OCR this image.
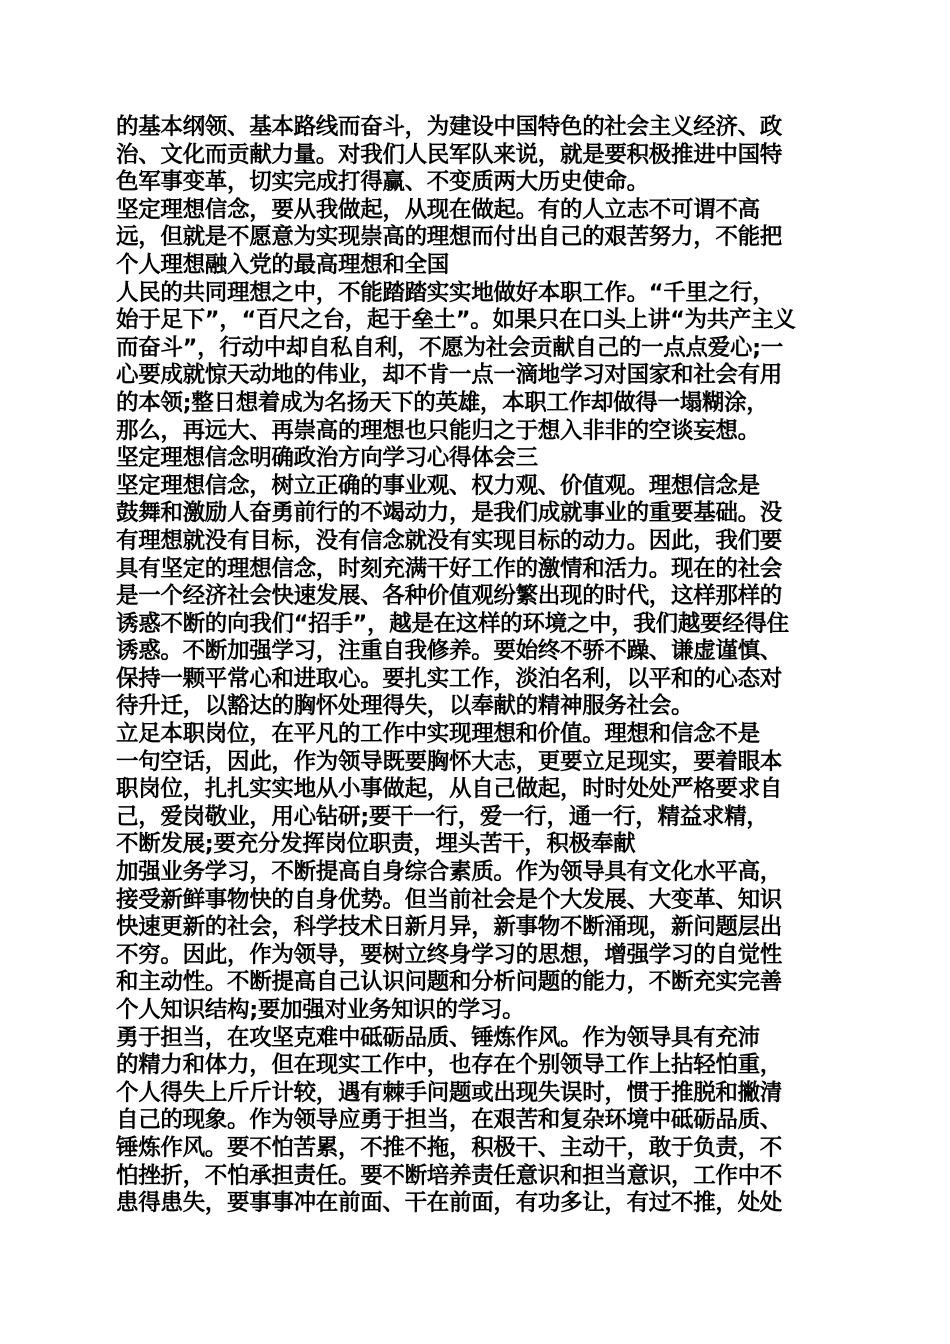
的基本纲领、基本路线而奋斗，为建设中国特色的社会主义经济、政
治、文化而贡献力量。对我们人民军队来说，就是要积极推进中国特
色军事变革，切实完成打得赢、不变质两大历史使命。
坚定理想信念，要从我做起，从现在做起。有的人立志不可谓不高
远，但就是不愿意为实现崇高的理想而付出自己的艰苦努力，不能把
个人理想融入党的最高理想和全国
人民的共同理想之中，不能踏踏实实地做好本职工作。“千里之行，
始于足下”，“百尺之台，起于垒土”。如果只在口头上讲“为共产主义
而奋斗”，行动中却自私自利，不愿为社会贡献自己的一点点爱心;一
心要成就惊天动地的伟业，却不肯一点一滴地学习对国家和社会有用
的本领;整日想着成为名扬天下的英雄，本职工作却做得一塌糊涂，
那么，再远大、再崇高的理想也只能归之于想入非非的空谈妄想。
坚定理想信念明确政治方向学习心得体会三
坚定理想信念，树立正确的事业观、权力观、价值观。理想信念是
鼓舞和激励人奋勇前行的不竭动力，是我们成就事业的重要基础。没
有理想就没有目标，没有信念就没有实现目标的动力。因此，我们要
具有坚定的理想信念，时刻充满干好工作的激情和活力。现在的社会
是一个经济社会快速发展、各种价值观纷繁出现的时代，这样那样的
诱惑不断的向我们“招手”，越是在这样的环境之中，我们越要经得住
诱惑。不断加强学习，注重自我修养。要始终不骄不躁、谦虚谨慎、
保持一颗平常心和进取心。要扎实工作，淡泊名利，以平和的心态对
待升迁，以豁达的胸怀处理得失，以奉献的精神服务社会。
立足本职岗位，在平凡的工作中实现理想和价值。理想和信念不是
一句空话，因此，作为领导既要胸怀大志，更要立足现实，要着眼本
职岗位，扎扎实实地从小事做起，从自己做起，时时处处严格要求自
己，爱岗敬业，用心钻研;要干一行，爱一行，通一行，精益求精，
不断发展;要充分发挥岗位职责，埋头苦干，积极奉献
加强业务学习，不断提高自身综合素质。作为领导具有文化水平高，
接受新鲜事物快的自身优势。但当前社会是个大发展、大变革、知识
快速更新的社会，科学技术日新月异，新事物不断涌现，新问题层出
不穷。因此，作为领导，要树立终身学习的思想，增强学习的自觉性
和主动性。不断提高自己认识问题和分析问题的能力，不断充实完善
个人知识结构;要加强对业务知识的学习。
勇于担当，在攻坚克难中砥砺品质、锤炼作风。作为领导具有充沛
的精力和体力，但在现实工作中，也存在个别领导工作上拈轻怕重，
个人得失上斤斤计较，遇有棘手问题或出现失误时，惯于推脱和撇清
自己的现象。作为领导应勇于担当，在艰苦和复杂环境中砥砺品质、
锤炼作风。要不怕苦累，不推不拖，积极干、主动干，敢于负责，不
怕挫折，不怕承担责任。要不断培养责任意识和担当意识，工作中不
患得患失，要事事冲在前面、干在前面，有功多让，有过不推，处处
